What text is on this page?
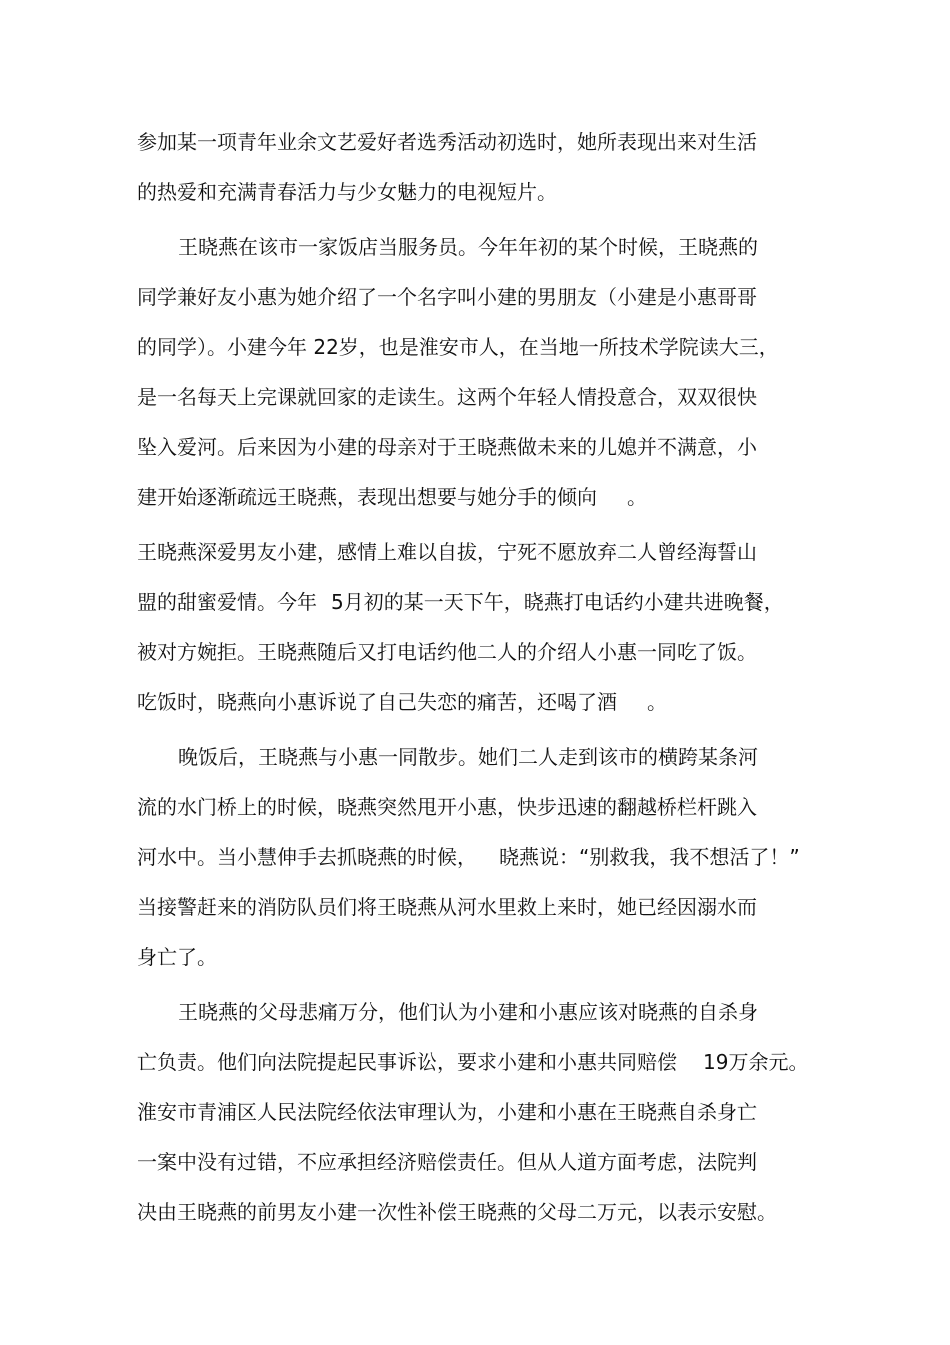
参加某一项青年业余文艺爱好者选秀活动初选时，她所表现出来对生活
的热爱和充满青春活力与少女魅力的电视短片。
王晓燕在该市一家饭店当服务员。今年年初的某个时候，王晓燕的
同学兼好友小惠为她介绍了一个名字叫小建的男朋友（小建是小惠哥哥
的同学）。小建今年 22岁，也是淮安市人，在当地一所技术学院读大三，
是一名每天上完课就回家的走读生。这两个年轻人情投意合，双双很快
坠入爱河。后来因为小建的母亲对于王晓燕做未来的儿媳并不满意，小
建开始逐渐疏远王晓燕，表现出想要与她分手的倾向 。
王晓燕深爱男友小建，感情上难以自拔，宁死不愿放弃二人曾经海誓山
盟的甜蜜爱情。今年 5月初的某一天下午，晓燕打电话约小建共进晚餐，
被对方婉拒。王晓燕随后又打电话约他二人的介绍人小惠一同吃了饭。
吃饭时，晓燕向小惠诉说了自己失恋的痛苦，还喝了酒 。
晚饭后，王晓燕与小惠一同散步。她们二人走到该市的横跨某条河
流的水门桥上的时候，晓燕突然甩开小惠，快步迅速的翻越桥栏杆跳入
河水中。当小慧伸手去抓晓燕的时候， 晓燕说：“别救我，我不想活了！”
当接警赶来的消防队员们将王晓燕从河水里救上来时，她已经因溺水而
身亡了。
王晓燕的父母悲痛万分，他们认为小建和小惠应该对晓燕的自杀身
亡负责。他们向法院提起民事诉讼，要求小建和小惠共同赔偿 19万余元。
淮安市青浦区人民法院经依法审理认为，小建和小惠在王晓燕自杀身亡
一案中没有过错，不应承担经济赔偿责任。但从人道方面考虑，法院判
决由王晓燕的前男友小建一次性补偿王晓燕的父母二万元，以表示安慰。
